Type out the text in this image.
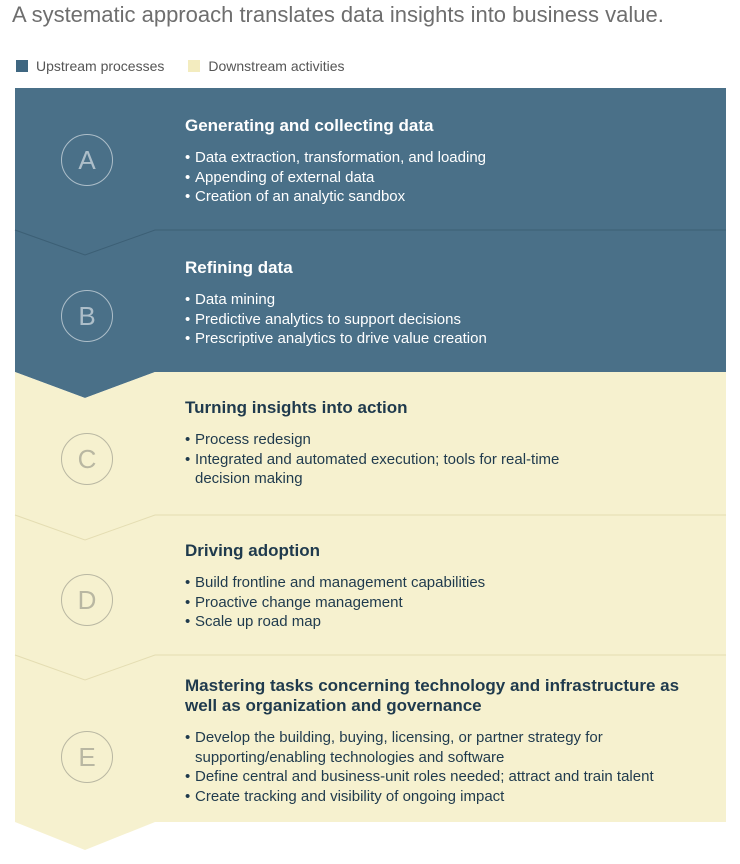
A systematic approach translates data insights into business value.
Upstream processes	Downstream activities
A
Generating and collecting data
• Data extraction, transformation, and loading
• Appending of external data
• Creation of an analytic sandbox
B
Refining data
• Data mining
• Predictive analytics to support decisions
• Prescriptive analytics to drive value creation
C
Turning insights into action
• Process redesign
• Integrated and automated execution; tools for real-time decision making
D
Driving adoption
• Build frontline and management capabilities
• Proactive change management
• Scale up road map
E
Mastering tasks concerning technology and infrastructure as well as organization and governance
• Develop the building, buying, licensing, or partner strategy for supporting/enabling technologies and software
• Define central and business-unit roles needed; attract and train talent
• Create tracking and visibility of ongoing impact
